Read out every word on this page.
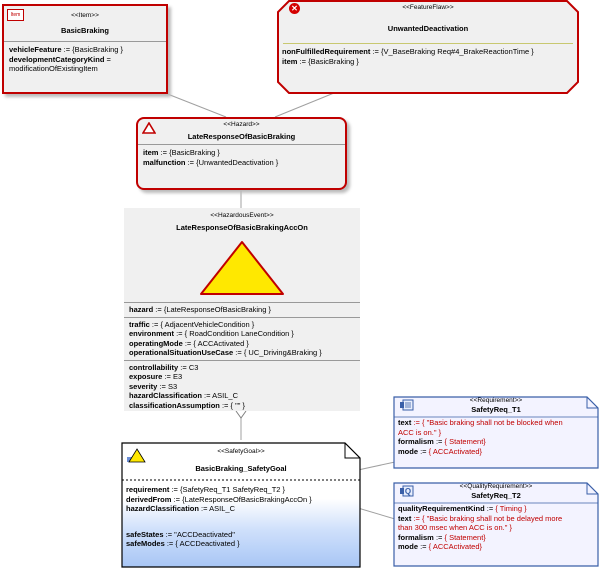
Item	<<Item>>
BasicBraking
vehicleFeature := {BasicBraking }
developmentCategoryKind =
modificationOfExistingItem
✕	<<FeatureFlaw>>
UnwantedDeactivation
nonFulfilledRequirement := {V_BaseBraking Req#4_BrakeReactionTime }
item := {BasicBraking }
<<Hazard>>
LateResponseOfBasicBraking
item := {BasicBraking }
malfunction := {UnwantedDeactivation }
<<HazardousEvent>>
LateResponseOfBasicBrakingAccOn
hazard := {LateResponseOfBasicBraking }
traffic := { AdjacentVehicleCondition }
environment := { RoadCondition LaneCondition }
operatingMode := { ACCActivated }
operationalSituationUseCase := { UC_Driving&Braking }
controllability := C3
exposure := E3
severity := S3
hazardClassification := ASIL_C
classificationAssumption := { "" }
<<SafetyGoal>>
BasicBraking_SafetyGoal
requirement := {SafetyReq_T1 SafetyReq_T2 }
derivedFrom := {LateResponseOfBasicBrakingAccOn }
hazardClassification := ASIL_C
safeStates := "ACCDeactivated"
safeModes := { ACCDeactivated }
<<Requirement>>
SafetyReq_T1
text := { "Basic braking shall not be blocked when
ACC is on." }
formalism := { Statement}
mode := { ACCActivated}
Q
<<QualityRequirement>>
SafetyReq_T2
qualityRequirementKind := { Timing }
text := { "Basic braking shall not be delayed more
than 300 msec when ACC is on." }
formalism := { Statement}
mode := { ACCActivated}
